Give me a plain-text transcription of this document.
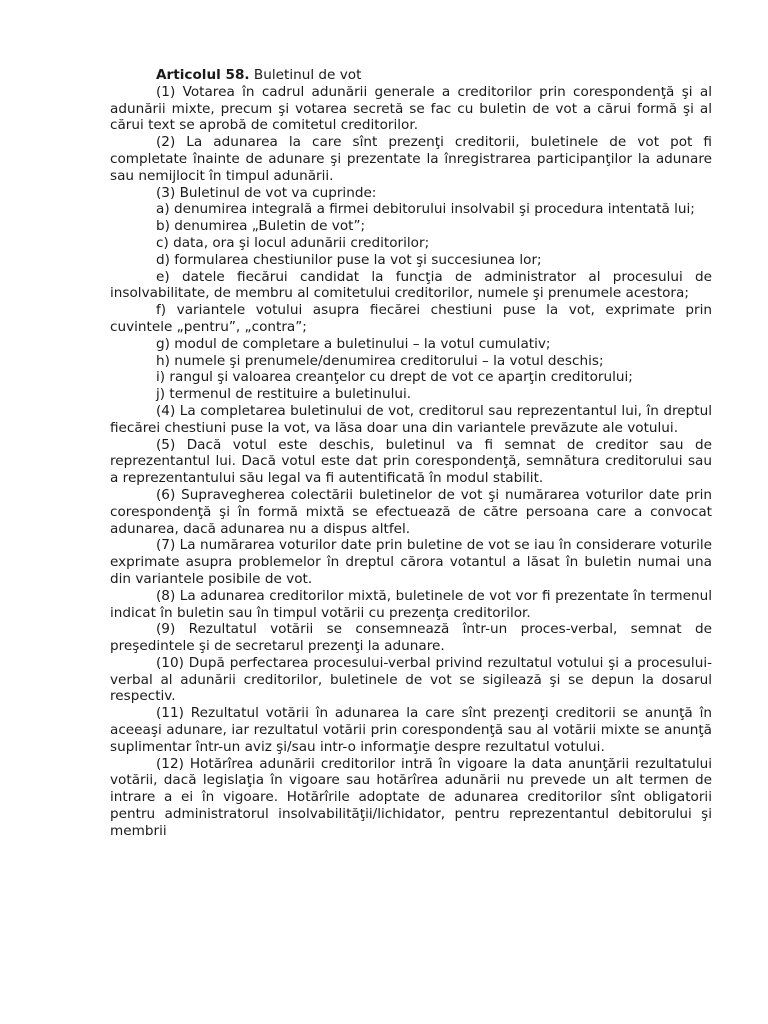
Articolul 58. Buletinul de vot

(1) Votarea în cadrul adunării generale a creditorilor prin corespondenţă şi al adunării mixte, precum şi votarea secretă se fac cu buletin de vot a cărui formă şi al cărui text se aprobă de comitetul creditorilor.

(2) La adunarea la care sînt prezenţi creditorii, buletinele de vot pot fi completate înainte de adunare şi prezentate la înregistrarea participanţilor la adunare sau nemijlocit în timpul adunării.

(3) Buletinul de vot va cuprinde:

a) denumirea integrală a firmei debitorului insolvabil şi procedura intentată lui;

b) denumirea „Buletin de vot”;

c) data, ora şi locul adunării creditorilor;

d) formularea chestiunilor puse la vot şi succesiunea lor;

e) datele fiecărui candidat la funcţia de administrator al procesului de insolvabilitate, de membru al comitetului creditorilor, numele şi prenumele acestora;

f) variantele votului asupra fiecărei chestiuni puse la vot, exprimate prin cuvintele „pentru”, „contra”;

g) modul de completare a buletinului – la votul cumulativ;

h) numele şi prenumele/denumirea creditorului – la votul deschis;

i) rangul şi valoarea creanţelor cu drept de vot ce aparţin creditorului;

j) termenul de restituire a buletinului.

(4) La completarea buletinului de vot, creditorul sau reprezentantul lui, în dreptul fiecărei chestiuni puse la vot, va lăsa doar una din variantele prevăzute ale votului.

(5) Dacă votul este deschis, buletinul va fi semnat de creditor sau de reprezentantul lui. Dacă votul este dat prin corespondenţă, semnătura creditorului sau a reprezentantului său legal va fi autentificată în modul stabilit.

(6) Supravegherea colectării buletinelor de vot şi numărarea voturilor date prin corespondenţă şi în formă mixtă se efectuează de către persoana care a convocat adunarea, dacă adunarea nu a dispus altfel.

(7) La numărarea voturilor date prin buletine de vot se iau în considerare voturile exprimate asupra problemelor în dreptul cărora votantul a lăsat în buletin numai una din variantele posibile de vot.

(8) La adunarea creditorilor mixtă, buletinele de vot vor fi prezentate în termenul indicat în buletin sau în timpul votării cu prezenţa creditorilor.

(9) Rezultatul votării se consemnează într-un proces-verbal, semnat de preşedintele şi de secretarul prezenţi la adunare.

(10) După perfectarea procesului-verbal privind rezultatul votului şi a procesului-verbal al adunării creditorilor, buletinele de vot se sigilează şi se depun la dosarul respectiv.

(11) Rezultatul votării în adunarea la care sînt prezenţi creditorii se anunţă în aceeaşi adunare, iar rezultatul votării prin corespondenţă sau al votării mixte se anunţă suplimentar într-un aviz şi/sau intr-o informaţie despre rezultatul votului.

(12) Hotărîrea adunării creditorilor intră în vigoare la data anunţării rezultatului votării, dacă legislaţia în vigoare sau hotărîrea adunării nu prevede un alt termen de intrare a ei în vigoare. Hotărîrile adoptate de adunarea creditorilor sînt obligatorii pentru administratorul insolvabilităţii/lichidator, pentru reprezentantul debitorului şi membrii
